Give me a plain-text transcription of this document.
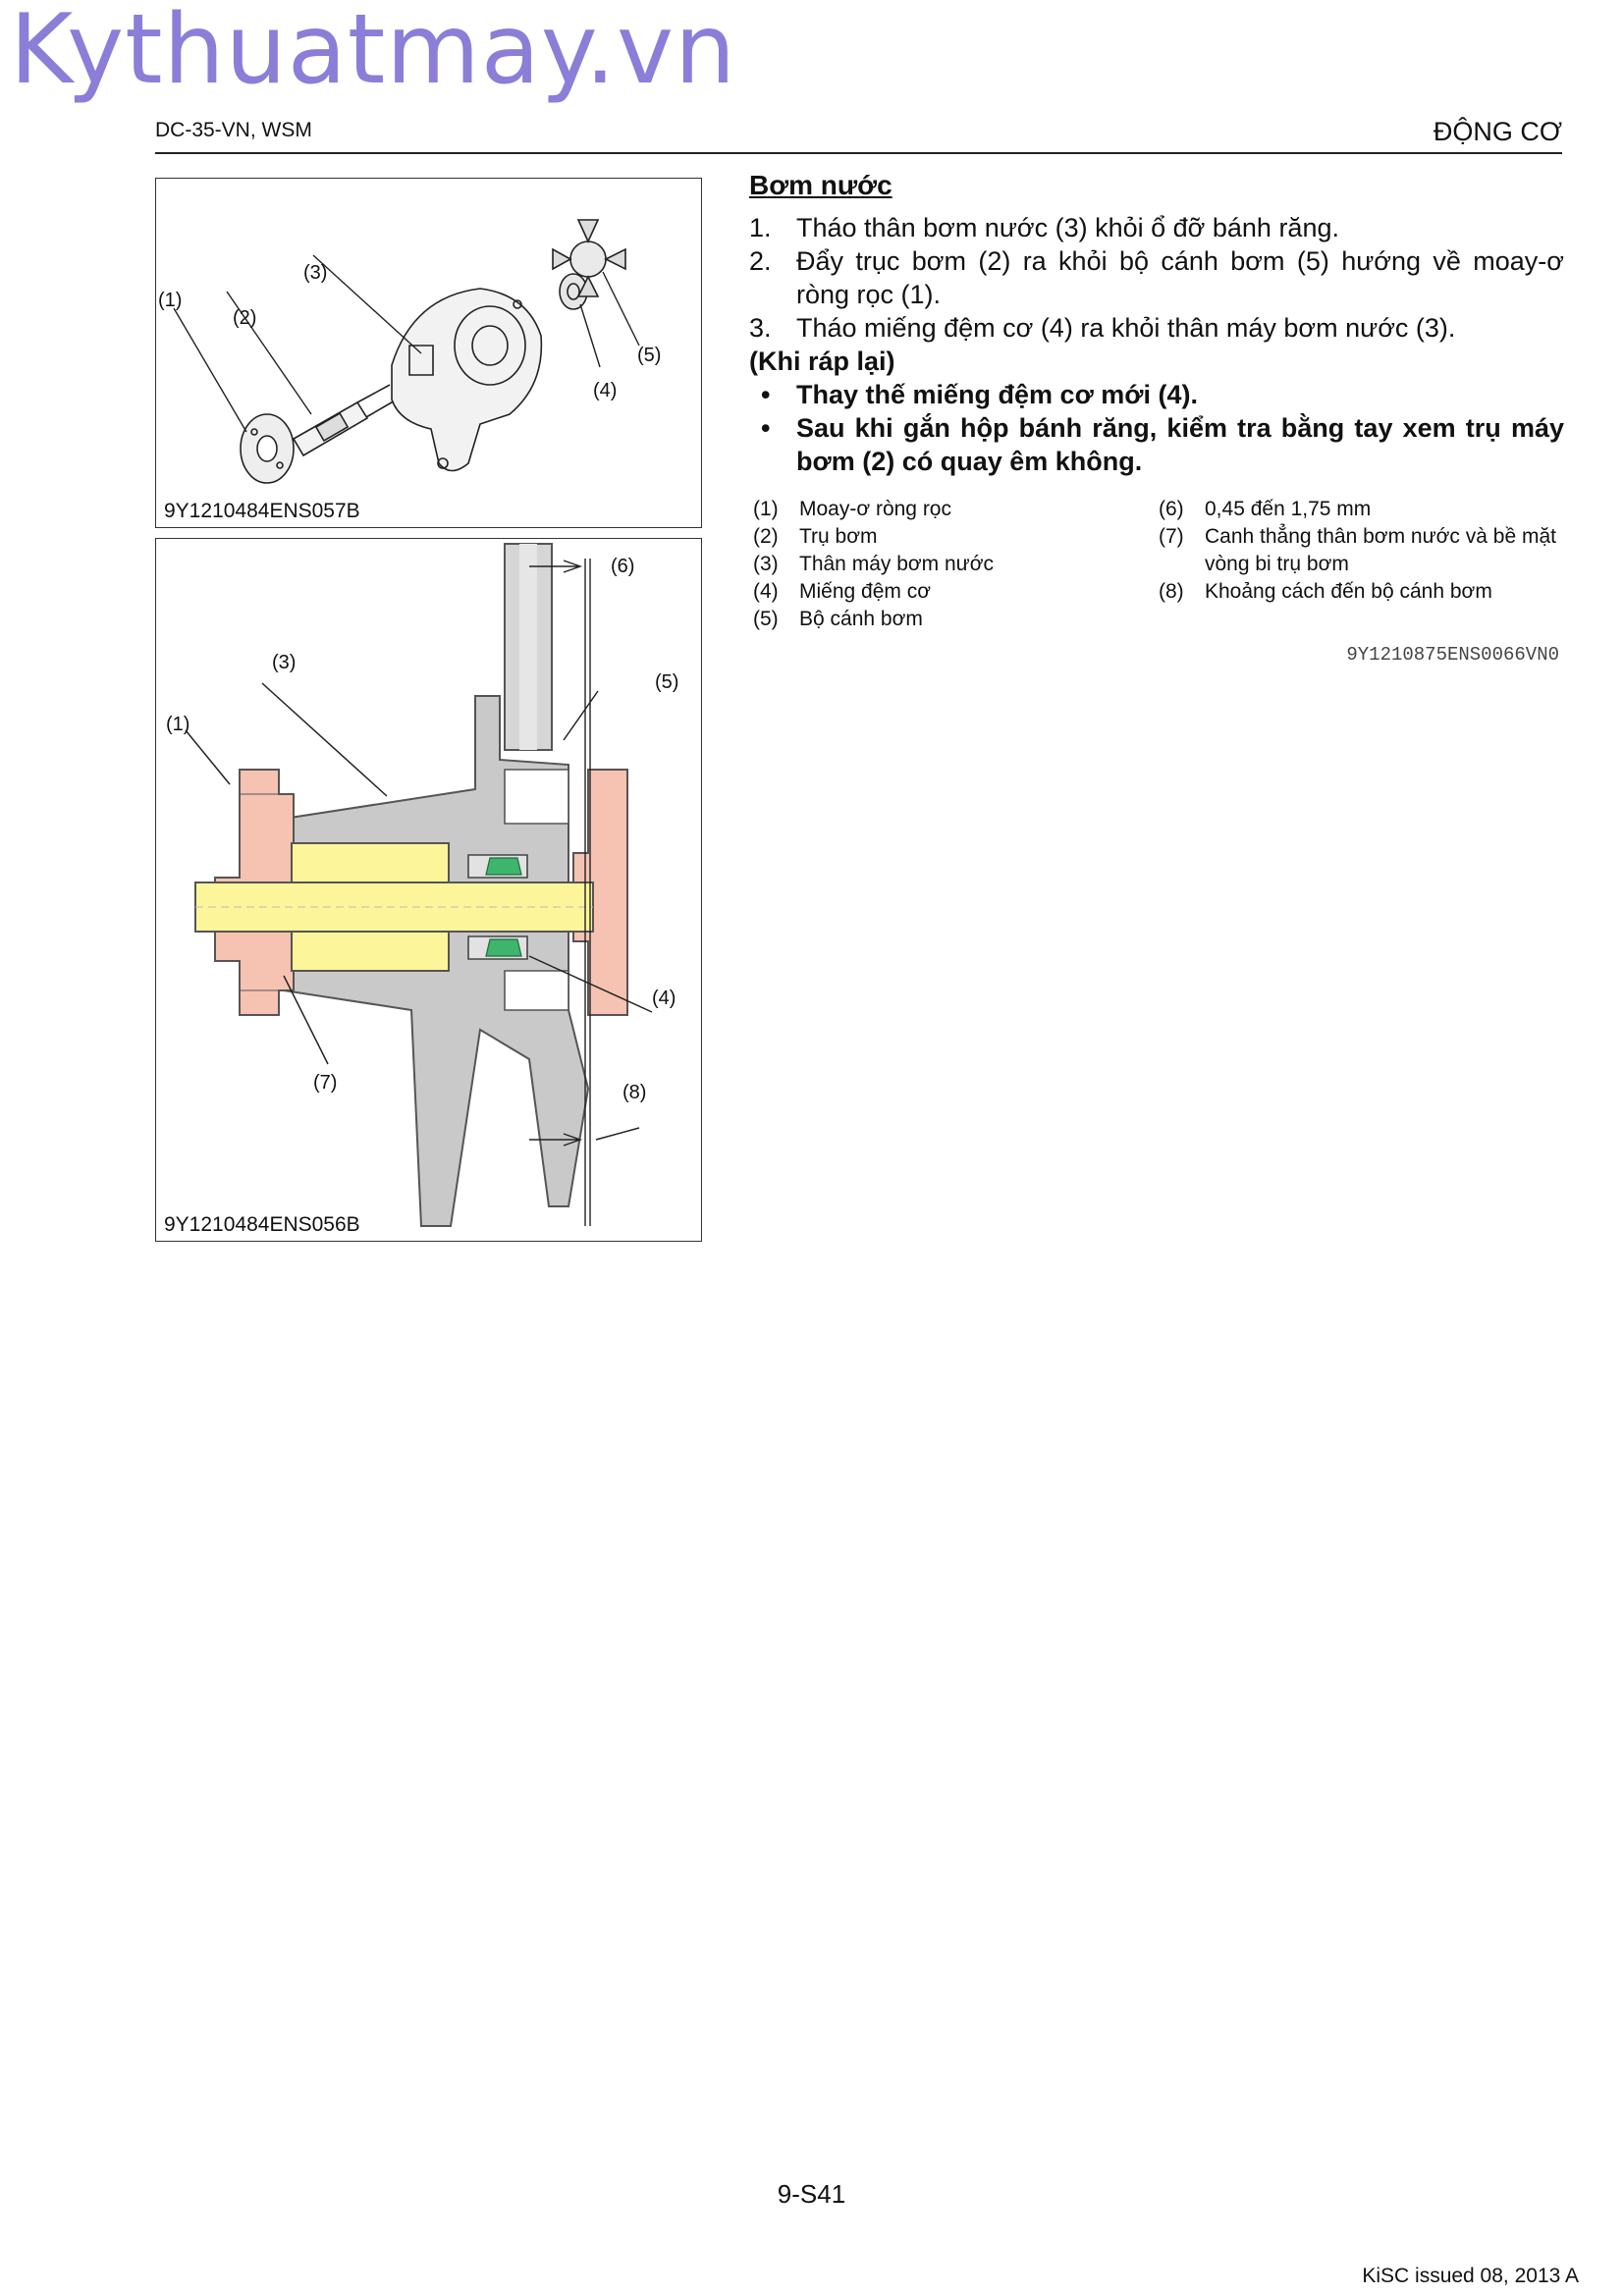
Kythuatmay.vn
DC-35-VN, WSM	ĐỘNG CƠ
(1)
(2)
(3)
(4)
(5)
9Y1210484ENS057B
(6)
(3)
(5)
(1)
(4)
(7)	(8)
9Y1210484ENS056B
Bơm nước
1. Tháo thân bơm nước (3) khỏi ổ đỡ bánh răng.
2. Đẩy trục bơm (2) ra khỏi bộ cánh bơm (5) hướng về moay-ơ ròng rọc (1).
3. Tháo miếng đệm cơ (4) ra khỏi thân máy bơm nước (3).
(Khi ráp lại)
• Thay thế miếng đệm cơ mới (4).
• Sau khi gắn hộp bánh răng, kiểm tra bằng tay xem trụ máy bơm (2) có quay êm không.
(1)	Moay-ơ ròng rọc
(2)	Trụ bơm
(3)	Thân máy bơm nước
(4)	Miếng đệm cơ
(5)	Bộ cánh bơm
(6)	0,45 đến 1,75 mm
(7)	Canh thẳng thân bơm nước và bề mặt vòng bi trụ bơm
(8)	Khoảng cách đến bộ cánh bơm
9Y1210875ENS0066VN0
9-S41
KiSC issued 08, 2013 A
